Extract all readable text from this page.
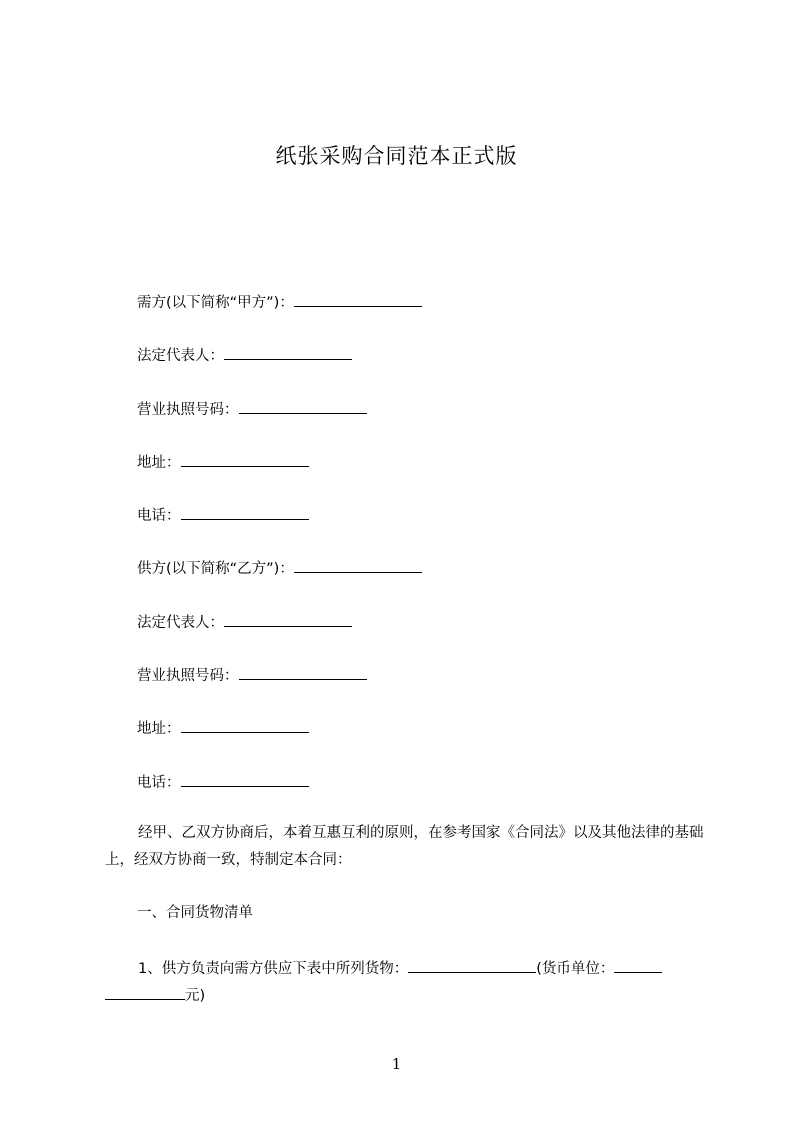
纸张采购合同范本正式版
需方(以下简称“甲方”)：
法定代表人：
营业执照号码：
地址：
电话：
供方(以下简称“乙方”)：
法定代表人：
营业执照号码：
地址：
电话：
经甲、乙双方协商后，本着互惠互利的原则，在参考国家《合同法》以及其他法律的基础上，经双方协商一致，特制定本合同：
一、合同货物清单
1、供方负责向需方供应下表中所列货物：	(货币单位：
元)
1
